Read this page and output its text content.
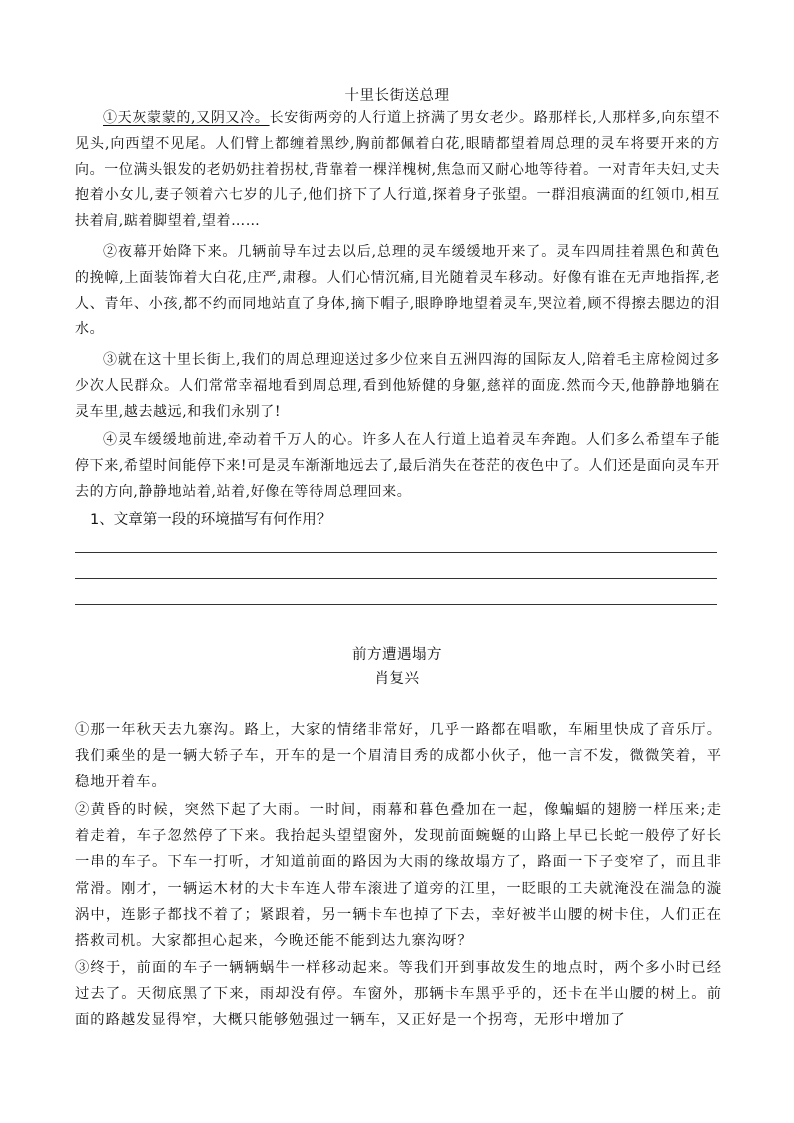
十里长街送总理

①天灰蒙蒙的,又阴又冷。长安街两旁的人行道上挤满了男女老少。路那样长,人那样多,向东望不见头,向西望不见尾。人们臂上都缠着黑纱,胸前都佩着白花,眼睛都望着周总理的灵车将要开来的方向。一位满头银发的老奶奶拄着拐杖,背靠着一棵洋槐树,焦急而又耐心地等待着。一对青年夫妇,丈夫抱着小女儿,妻子领着六七岁的儿子,他们挤下了人行道,探着身子张望。一群泪痕满面的红领巾,相互扶着肩,踮着脚望着,望着……

②夜幕开始降下来。几辆前导车过去以后,总理的灵车缓缓地开来了。灵车四周挂着黑色和黄色的挽幛,上面装饰着大白花,庄严,肃穆。人们心情沉痛,目光随着灵车移动。好像有谁在无声地指挥,老人、青年、小孩,都不约而同地站直了身体,摘下帽子,眼睁睁地望着灵车,哭泣着,顾不得擦去腮边的泪水。

③就在这十里长街上,我们的周总理迎送过多少位来自五洲四海的国际友人,陪着毛主席检阅过多少次人民群众。人们常常幸福地看到周总理,看到他矫健的身躯,慈祥的面庞.然而今天,他静静地躺在灵车里,越去越远,和我们永别了!

④灵车缓缓地前进,牵动着千万人的心。许多人在人行道上追着灵车奔跑。人们多么希望车子能停下来,希望时间能停下来!可是灵车渐渐地远去了,最后消失在苍茫的夜色中了。人们还是面向灵车开去的方向,静静地站着,站着,好像在等待周总理回来。

1、文章第一段的环境描写有何作用？
前方遭遇塌方
肖复兴

①那一年秋天去九寨沟。路上，大家的情绪非常好，几乎一路都在唱歌，车厢里快成了音乐厅。我们乘坐的是一辆大轿子车，开车的是一个眉清目秀的成都小伙子，他一言不发，微微笑着，平稳地开着车。

②黄昏的时候，突然下起了大雨。一时间，雨幕和暮色叠加在一起，像蝙蝠的翅膀一样压来;走着走着，车子忽然停了下来。我抬起头望望窗外，发现前面蜿蜒的山路上早已长蛇一般停了好长一串的车子。下车一打听，才知道前面的路因为大雨的缘故塌方了，路面一下子变窄了，而且非常滑。刚才，一辆运木材的大卡车连人带车滚进了道旁的江里，一眨眼的工夫就淹没在湍急的漩涡中，连影子都找不着了；紧跟着，另一辆卡车也掉了下去，幸好被半山腰的树卡住，人们正在搭救司机。大家都担心起来，今晚还能不能到达九寨沟呀？

③终于，前面的车子一辆辆蜗牛一样移动起来。等我们开到事故发生的地点时，两个多小时已经过去了。天彻底黑了下来，雨却没有停。车窗外，那辆卡车黑乎乎的，还卡在半山腰的树上。前面的路越发显得窄，大概只能够勉强过一辆车，又正好是一个拐弯，无形中增加了
